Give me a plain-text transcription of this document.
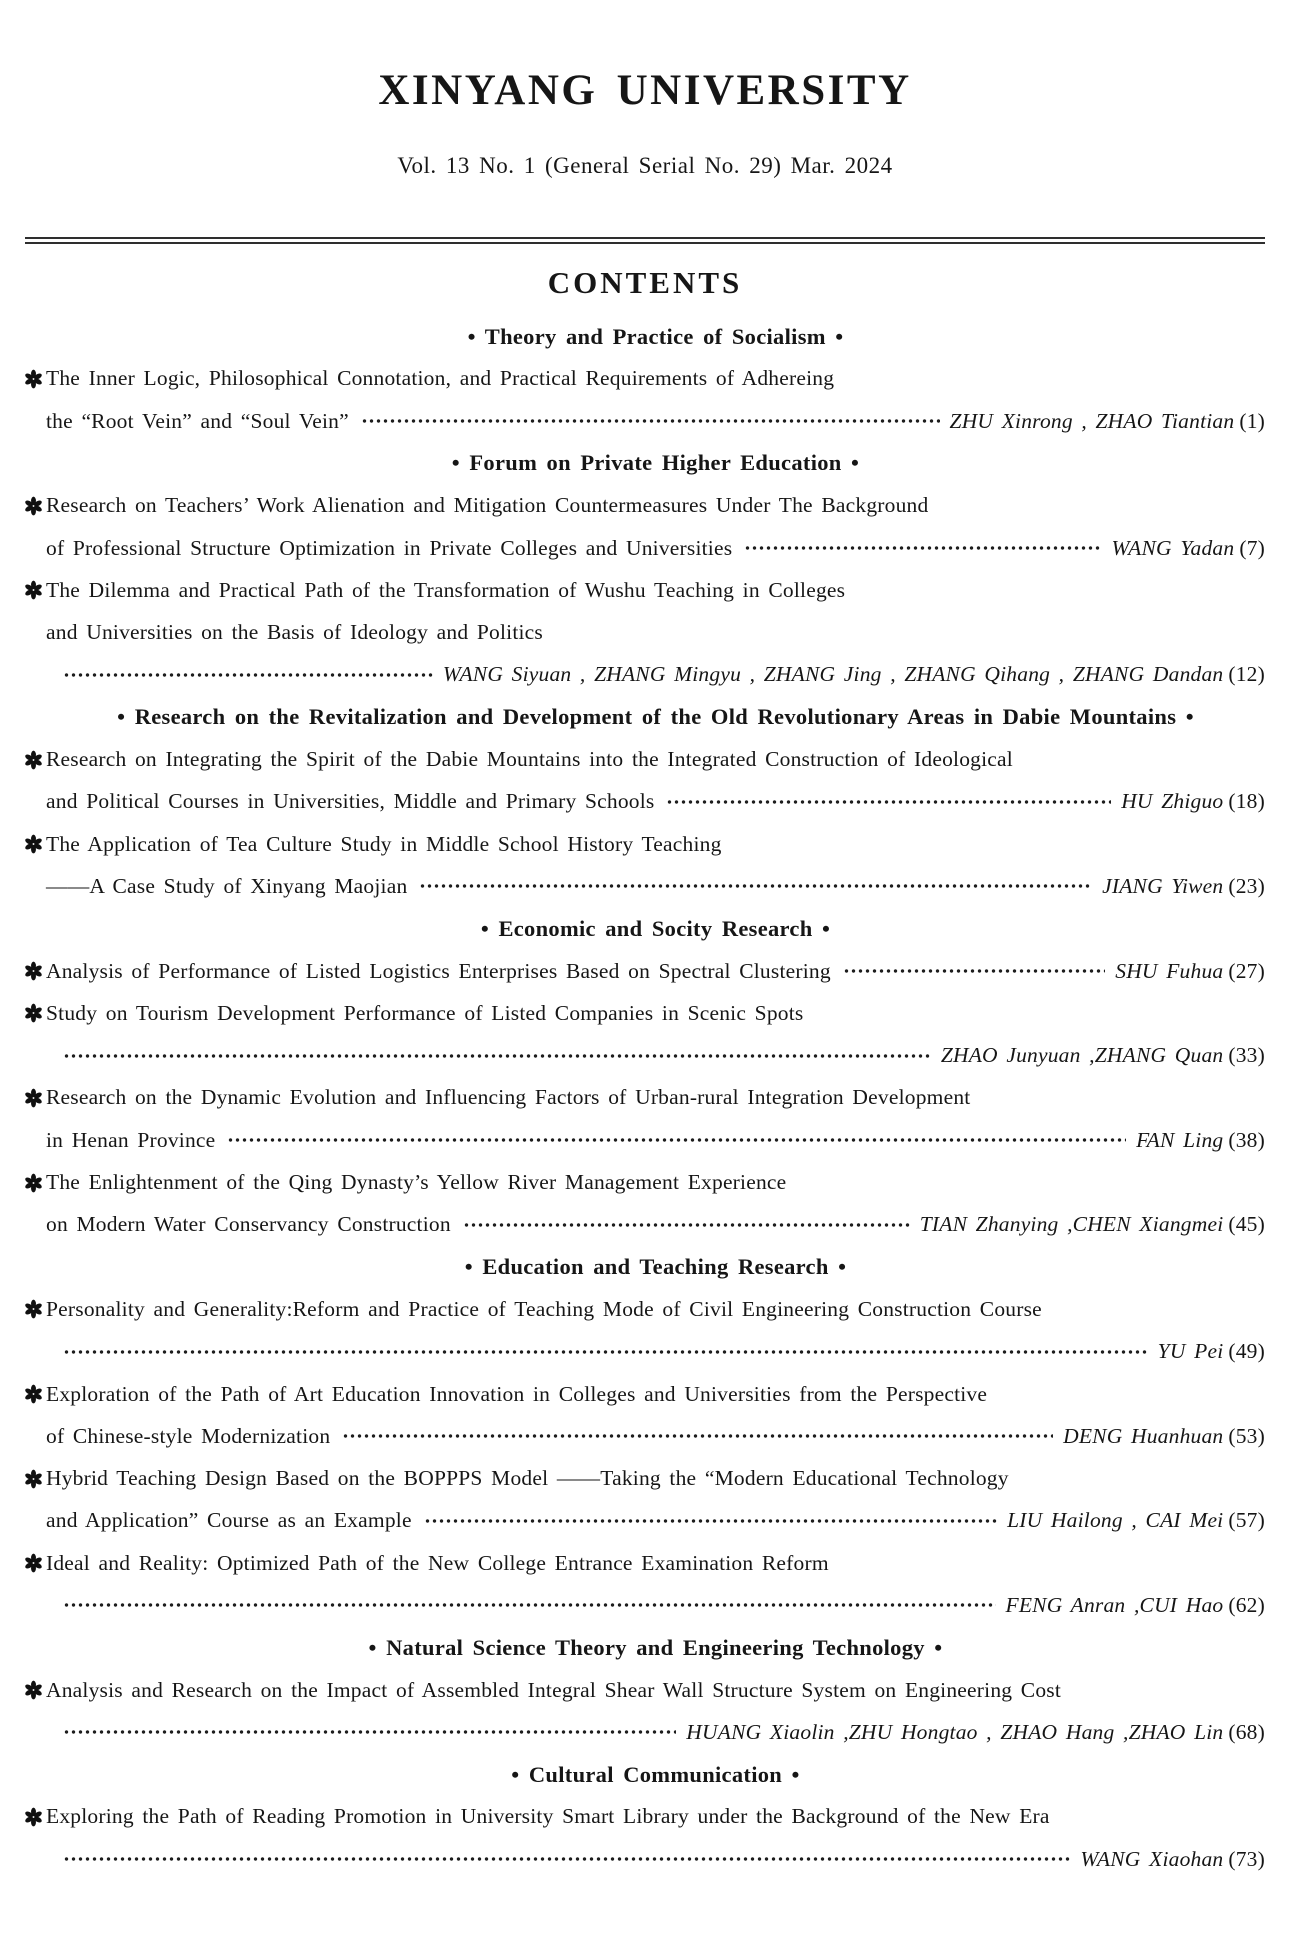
XINYANG UNIVERSITY
Vol. 13 No. 1 (General Serial No. 29) Mar. 2024
CONTENTS
• Theory and Practice of Socialism •
The Inner Logic, Philosophical Connotation, and Practical Requirements of Adhereing
the “Root Vein” and “Soul Vein”	ZHU Xinrong , ZHAO Tiantian (1)
• Forum on Private Higher Education •
Research on Teachers’ Work Alienation and Mitigation Countermeasures Under The Background
of Professional Structure Optimization in Private Colleges and Universities	WANG Yadan (7)
The Dilemma and Practical Path of the Transformation of Wushu Teaching in Colleges
and Universities on the Basis of Ideology and Politics
WANG Siyuan , ZHANG Mingyu , ZHANG Jing , ZHANG Qihang , ZHANG Dandan (12)
• Research on the Revitalization and Development of the Old Revolutionary Areas in Dabie Mountains •
Research on Integrating the Spirit of the Dabie Mountains into the Integrated Construction of Ideological
and Political Courses in Universities, Middle and Primary Schools	HU Zhiguo (18)
The Application of Tea Culture Study in Middle School History Teaching
——A Case Study of Xinyang Maojian	JIANG Yiwen (23)
• Economic and Socity Research •
Analysis of Performance of Listed Logistics Enterprises Based on Spectral Clustering	SHU Fuhua (27)
Study on Tourism Development Performance of Listed Companies in Scenic Spots
ZHAO Junyuan ,ZHANG Quan (33)
Research on the Dynamic Evolution and Influencing Factors of Urban-rural Integration Development
in Henan Province	FAN Ling (38)
The Enlightenment of the Qing Dynasty’s Yellow River Management Experience
on Modern Water Conservancy Construction	TIAN Zhanying ,CHEN Xiangmei (45)
• Education and Teaching Research •
Personality and Generality:Reform and Practice of Teaching Mode of Civil Engineering Construction Course
YU Pei (49)
Exploration of the Path of Art Education Innovation in Colleges and Universities from the Perspective
of Chinese-style Modernization	DENG Huanhuan (53)
Hybrid Teaching Design Based on the BOPPPS Model ——Taking the “Modern Educational Technology
and Application” Course as an Example	LIU Hailong , CAI Mei (57)
Ideal and Reality: Optimized Path of the New College Entrance Examination Reform
FENG Anran ,CUI Hao (62)
• Natural Science Theory and Engineering Technology •
Analysis and Research on the Impact of Assembled Integral Shear Wall Structure System on Engineering Cost
HUANG Xiaolin ,ZHU Hongtao , ZHAO Hang ,ZHAO Lin (68)
• Cultural Communication •
Exploring the Path of Reading Promotion in University Smart Library under the Background of the New Era
WANG Xiaohan (73)
